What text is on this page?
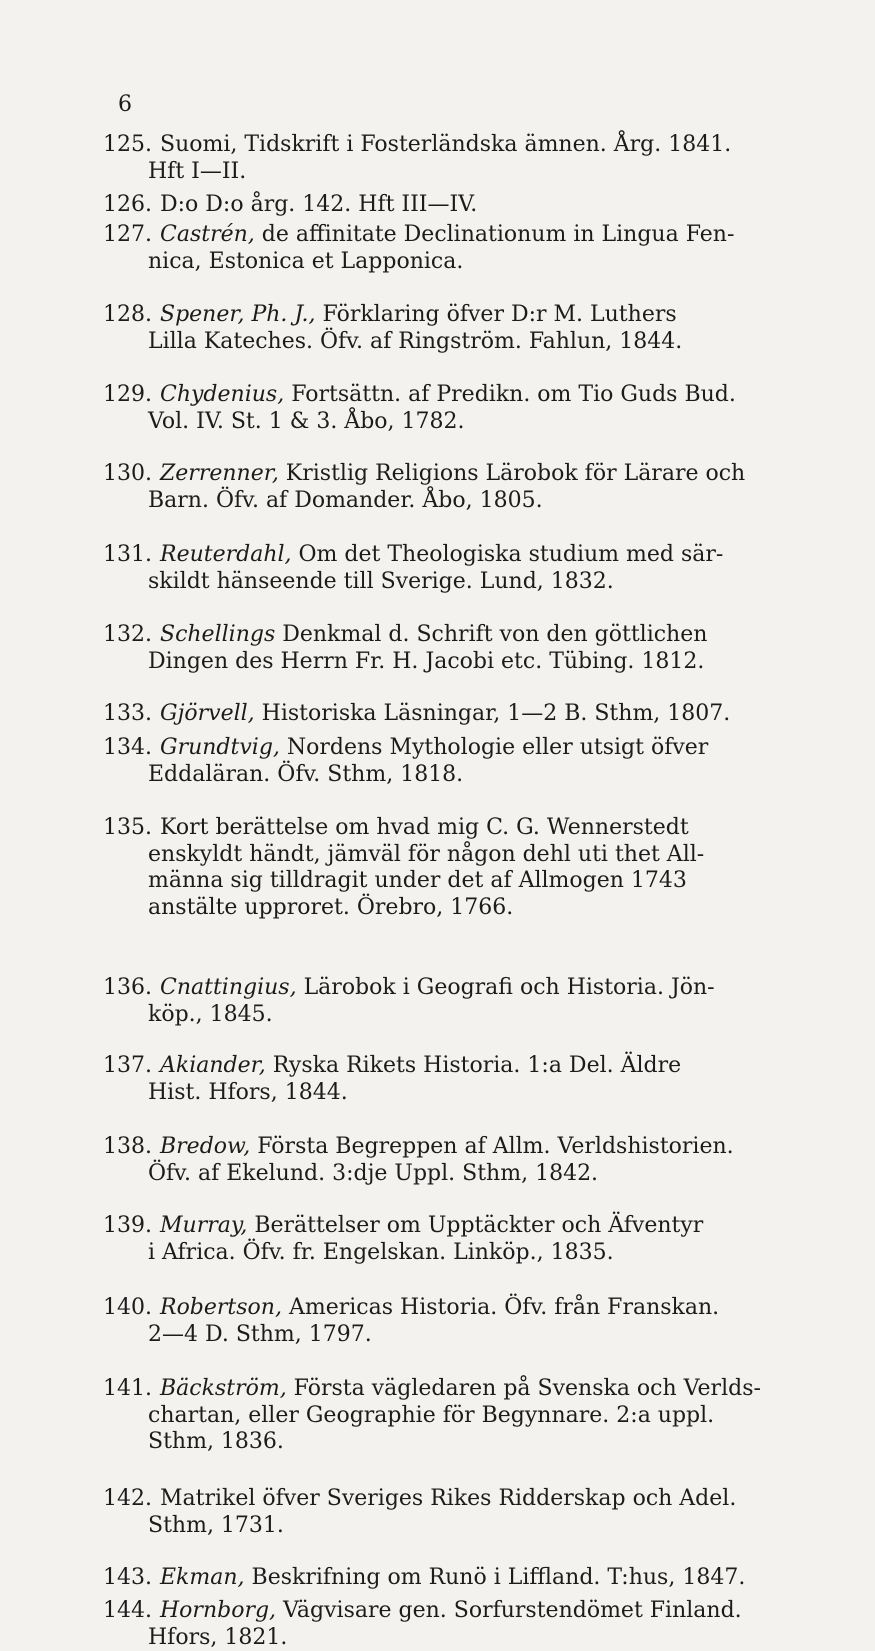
6
125. Suomi, Tidskrift i Fosterländska ämnen. Årg. 1841.
Hft I—II.
126. D:o D:o årg. 142. Hft III—IV.
127. Castrén, de affinitate Declinationum in Lingua Fen-
nica, Estonica et Lapponica.
128. Spener, Ph. J., Förklaring öfver D:r M. Luthers
Lilla Kateches. Öfv. af Ringström. Fahlun, 1844.
129. Chydenius, Fortsättn. af Predikn. om Tio Guds Bud.
Vol. IV. St. 1 & 3. Åbo, 1782.
130. Zerrenner, Kristlig Religions Lärobok för Lärare och
Barn. Öfv. af Domander. Åbo, 1805.
131. Reuterdahl, Om det Theologiska studium med sär-
skildt hänseende till Sverige. Lund, 1832.
132. Schellings Denkmal d. Schrift von den göttlichen
Dingen des Herrn Fr. H. Jacobi etc. Tübing. 1812.
133. Gjörvell, Historiska Läsningar, 1—2 B. Sthm, 1807.
134. Grundtvig, Nordens Mythologie eller utsigt öfver
Eddaläran. Öfv. Sthm, 1818.
135. Kort berättelse om hvad mig C. G. Wennerstedt
enskyldt händt, jämväl för någon dehl uti thet All-
männa sig tilldragit under det af Allmogen 1743
anstälte upproret. Örebro, 1766.
136. Cnattingius, Lärobok i Geografi och Historia. Jön-
köp., 1845.
137. Akiander, Ryska Rikets Historia. 1:a Del. Äldre
Hist. Hfors, 1844.
138. Bredow, Första Begreppen af Allm. Verldshistorien.
Öfv. af Ekelund. 3:dje Uppl. Sthm, 1842.
139. Murray, Berättelser om Upptäckter och Äfventyr
i Africa. Öfv. fr. Engelskan. Linköp., 1835.
140. Robertson, Americas Historia. Öfv. från Franskan.
2—4 D. Sthm, 1797.
141. Bäckström, Första vägledaren på Svenska och Verlds-
chartan, eller Geographie för Begynnare. 2:a uppl.
Sthm, 1836.
142. Matrikel öfver Sveriges Rikes Ridderskap och Adel.
Sthm, 1731.
143. Ekman, Beskrifning om Runö i Liffland. T:hus, 1847.
144. Hornborg, Vägvisare gen. Sorfurstendömet Finland.
Hfors, 1821.
